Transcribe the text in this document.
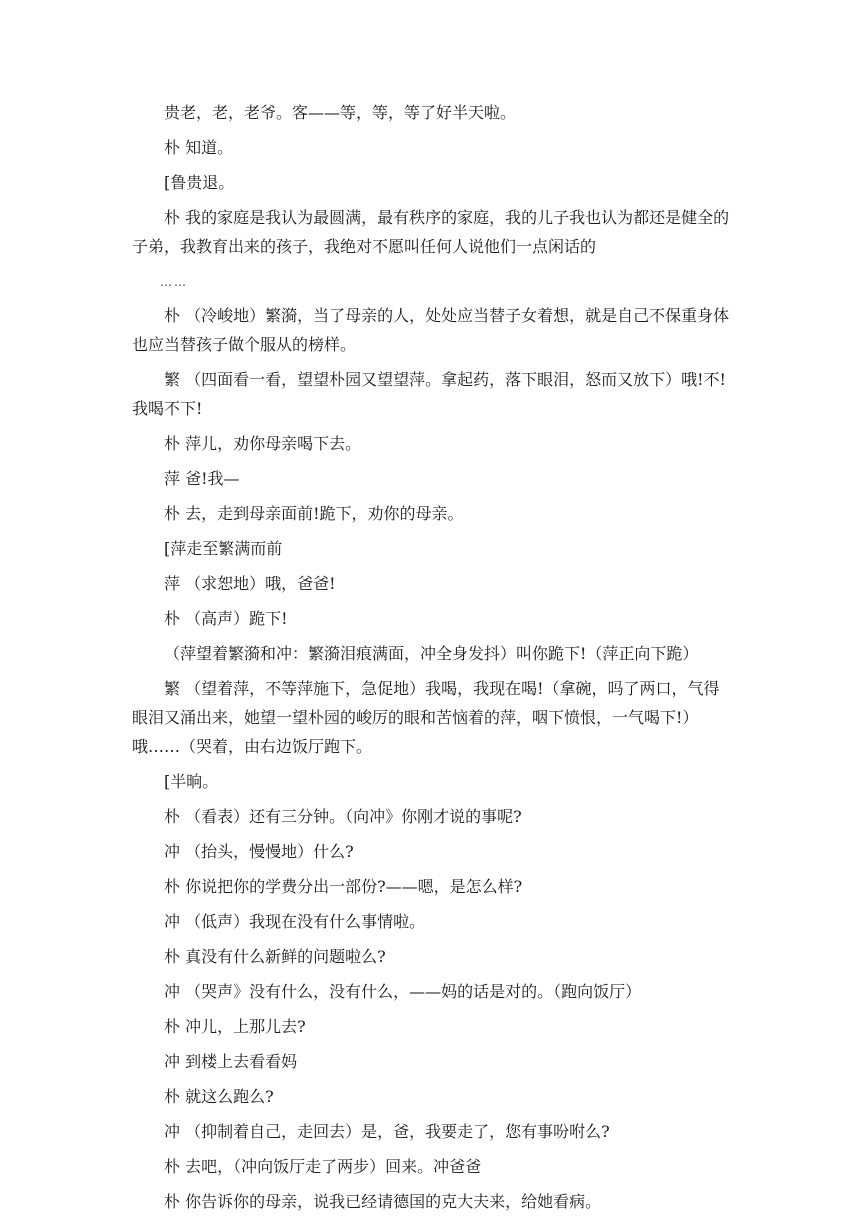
贵老，老，老爷。客——等，等，等了好半天啦。

朴 知道。

[鲁贵退。

朴 我的家庭是我认为最圆满，最有秩序的家庭，我的儿子我也认为都还是健全的子弟，我教育出来的孩子，我绝对不愿叫任何人说他们一点闲话的

……

朴 （冷峻地）繁漪，当了母亲的人，处处应当替子女着想，就是自己不保重身体也应当替孩子做个服从的榜样。

繁 （四面看一看，望望朴园又望望萍。拿起药，落下眼泪，怒而又放下）哦!不!我喝不下!

朴 萍儿，劝你母亲喝下去。

萍 爸!我—

朴 去，走到母亲面前!跪下，劝你的母亲。

[萍走至繁满而前

萍 （求恕地）哦，爸爸!

朴 （高声）跪下!

（萍望着繁漪和冲：繁漪泪痕满面，冲全身发抖）叫你跪下!（萍正向下跪）

繁 （望着萍，不等萍施下，急促地）我喝，我现在喝!（拿碗，吗了两口，气得眼泪又涌出来，她望一望朴园的峻厉的眼和苦恼着的萍，咽下愤恨，一气喝下!）哦……（哭着，由右边饭厅跑下。

[半晌。

朴 （看表）还有三分钟。（向冲》你刚才说的事呢?

冲 （抬头，慢慢地）什么?

朴 你说把你的学费分出一部份?——嗯，是怎么样?

冲 （低声）我现在没有什么事情啦。

朴 真没有什么新鲜的问题啦么?

冲 （哭声》没有什么，没有什么，——妈的话是对的。（跑向饭厅）

朴 冲儿，上那儿去?

冲 到楼上去看看妈

朴 就这么跑么?

冲 （抑制着自己，走回去）是，爸，我要走了，您有事吩咐么?

朴 去吧，（冲向饭厅走了两步）回来。冲爸爸

朴 你告诉你的母亲，说我已经请德国的克大夫来，给她看病。
